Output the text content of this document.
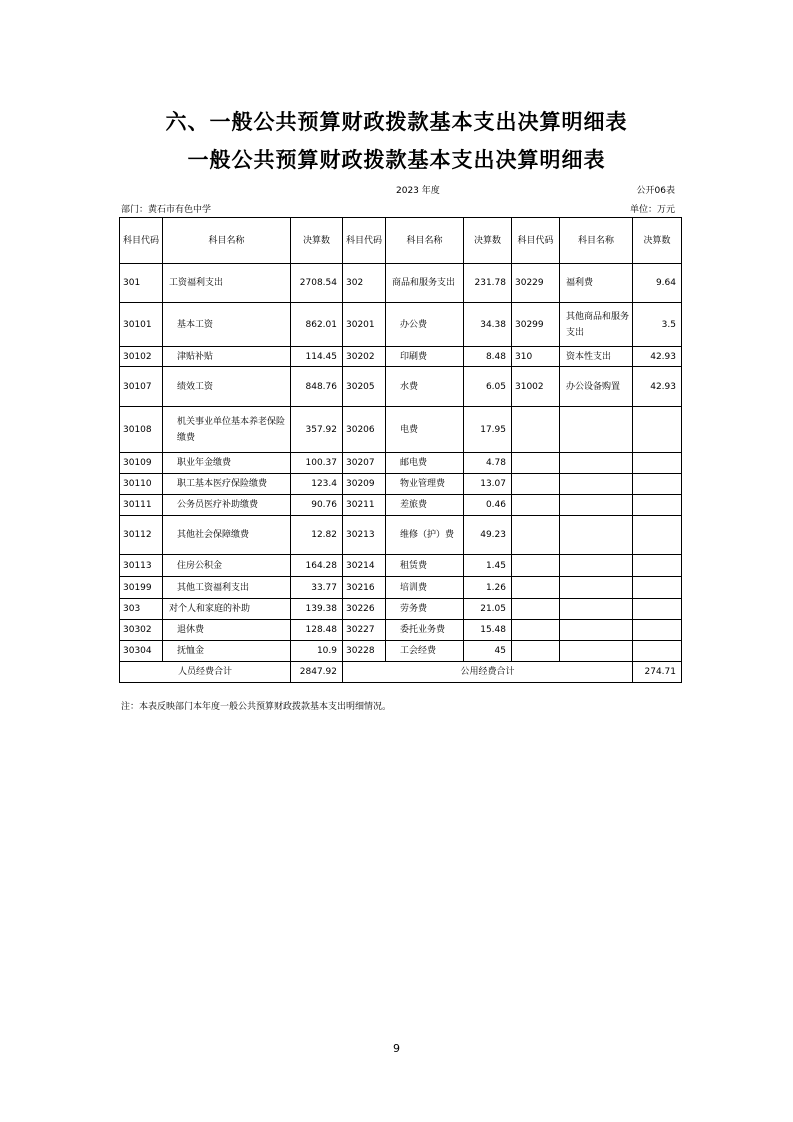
六、一般公共预算财政拨款基本支出决算明细表
一般公共预算财政拨款基本支出决算明细表
2023 年度	公开06表
部门：黄石市有色中学	单位：万元
科目代码	科目名称	决算数	科目代码	科目名称	决算数	科目代码	科目名称	决算数
301	工资福利支出	2708.54	302	商品和服务支出	231.78	30229	福利费	9.64
30101	基本工资	862.01	30201	办公费	34.38	30299	其他商品和服务支出	3.5
30102	津贴补贴	114.45	30202	印刷费	8.48	310	资本性支出	42.93
30107	绩效工资	848.76	30205	水费	6.05	31002	办公设备购置	42.93
30108	机关事业单位基本养老保险缴费	357.92	30206	电费	17.95			
30109	职业年金缴费	100.37	30207	邮电费	4.78			
30110	职工基本医疗保险缴费	123.4	30209	物业管理费	13.07			
30111	公务员医疗补助缴费	90.76	30211	差旅费	0.46			
30112	其他社会保障缴费	12.82	30213	维修（护）费	49.23			
30113	住房公积金	164.28	30214	租赁费	1.45			
30199	其他工资福利支出	33.77	30216	培训费	1.26			
303	对个人和家庭的补助	139.38	30226	劳务费	21.05			
30302	退休费	128.48	30227	委托业务费	15.48			
30304	抚恤金	10.9	30228	工会经费	45			
人员经费合计		2847.92	公用经费合计					274.71
注：本表反映部门本年度一般公共预算财政拨款基本支出明细情况。
9
